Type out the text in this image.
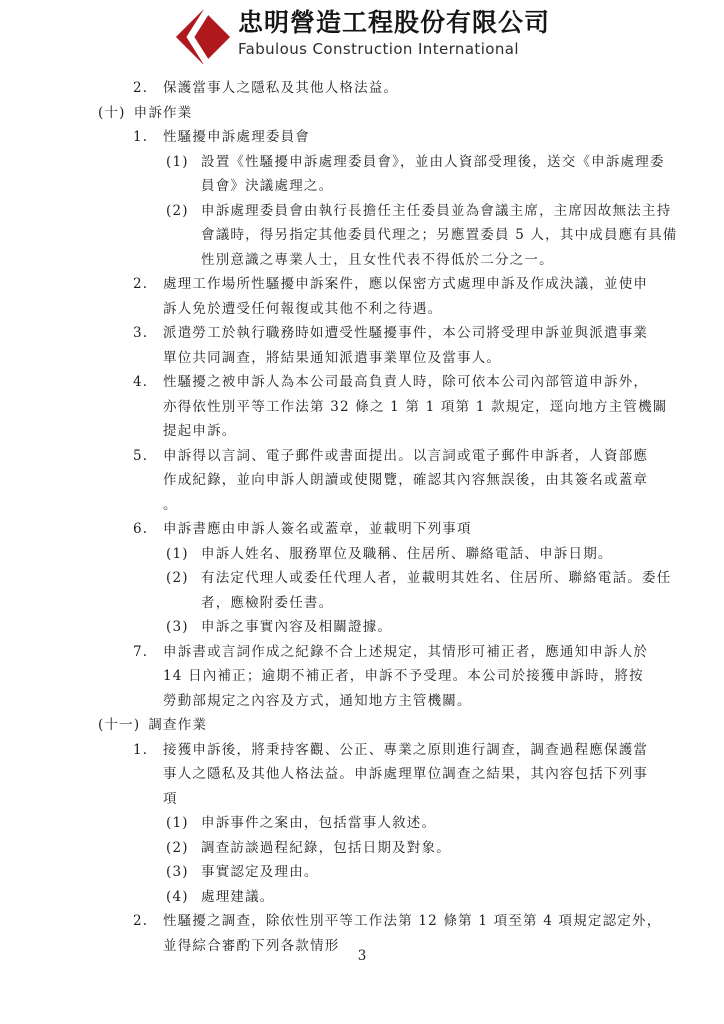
忠明營造工程股份有限公司
Fabulous Construction International
2. 保護當事人之隱私及其他人格法益。
(十) 申訴作業
1. 性騷擾申訴處理委員會
(1) 設置《性騷擾申訴處理委員會》，並由人資部受理後，送交《申訴處理委
員會》決議處理之。
(2) 申訴處理委員會由執行長擔任主任委員並為會議主席，主席因故無法主持
會議時，得另指定其他委員代理之；另應置委員 5 人，其中成員應有具備
性別意識之專業人士，且女性代表不得低於二分之一。
2. 處理工作場所性騷擾申訴案件，應以保密方式處理申訴及作成決議，並使申
訴人免於遭受任何報復或其他不利之待遇。
3. 派遣勞工於執行職務時如遭受性騷擾事件，本公司將受理申訴並與派遣事業
單位共同調查，將結果通知派遣事業單位及當事人。
4. 性騷擾之被申訴人為本公司最高負責人時，除可依本公司內部管道申訴外，
亦得依性別平等工作法第 32 條之 1 第 1 項第 1 款規定，逕向地方主管機關
提起申訴。
5. 申訴得以言詞、電子郵件或書面提出。以言詞或電子郵件申訴者，人資部應
作成紀錄，並向申訴人朗讀或使閱覽，確認其內容無誤後，由其簽名或蓋章
。
6. 申訴書應由申訴人簽名或蓋章，並載明下列事項
(1) 申訴人姓名、服務單位及職稱、住居所、聯絡電話、申訴日期。
(2) 有法定代理人或委任代理人者，並載明其姓名、住居所、聯絡電話。委任
者，應檢附委任書。
(3) 申訴之事實內容及相關證據。
7. 申訴書或言詞作成之紀錄不合上述規定，其情形可補正者，應通知申訴人於
14 日內補正；逾期不補正者，申訴不予受理。本公司於接獲申訴時，將按
勞動部規定之內容及方式，通知地方主管機關。
(十一) 調查作業
1. 接獲申訴後，將秉持客觀、公正、專業之原則進行調查，調查過程應保護當
事人之隱私及其他人格法益。申訴處理單位調查之結果，其內容包括下列事
項
(1) 申訴事件之案由，包括當事人敘述。
(2) 調查訪談過程紀錄，包括日期及對象。
(3) 事實認定及理由。
(4) 處理建議。
2. 性騷擾之調查，除依性別平等工作法第 12 條第 1 項至第 4 項規定認定外，
並得綜合審酌下列各款情形
3
